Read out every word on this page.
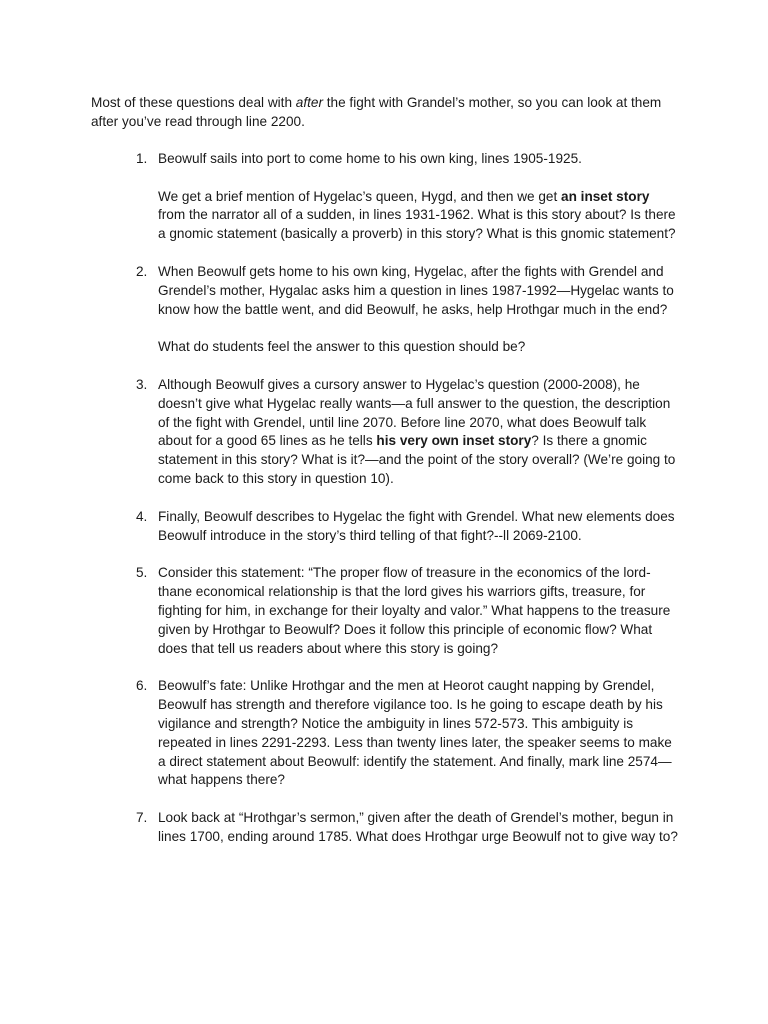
Most of these questions deal with after the fight with Grandel’s mother, so you can look at them after you’ve read through line 2200.

1. Beowulf sails into port to come home to his own king, lines 1905-1925.

We get a brief mention of Hygelac’s queen, Hygd, and then we get an inset story from the narrator all of a sudden, in lines 1931-1962. What is this story about? Is there a gnomic statement (basically a proverb) in this story? What is this gnomic statement?

2. When Beowulf gets home to his own king, Hygelac, after the fights with Grendel and Grendel’s mother, Hygalac asks him a question in lines 1987-1992—Hygelac wants to know how the battle went, and did Beowulf, he asks, help Hrothgar much in the end?

What do students feel the answer to this question should be?

3. Although Beowulf gives a cursory answer to Hygelac’s question (2000-2008), he doesn’t give what Hygelac really wants—a full answer to the question, the description of the fight with Grendel, until line 2070. Before line 2070, what does Beowulf talk about for a good 65 lines as he tells his very own inset story? Is there a gnomic statement in this story? What is it?—and the point of the story overall? (We’re going to come back to this story in question 10).

4. Finally, Beowulf describes to Hygelac the fight with Grendel. What new elements does Beowulf introduce in the story’s third telling of that fight?--ll 2069-2100.

5. Consider this statement: “The proper flow of treasure in the economics of the lord-thane economical relationship is that the lord gives his warriors gifts, treasure, for fighting for him, in exchange for their loyalty and valor.” What happens to the treasure given by Hrothgar to Beowulf? Does it follow this principle of economic flow? What does that tell us readers about where this story is going?

6. Beowulf’s fate: Unlike Hrothgar and the men at Heorot caught napping by Grendel, Beowulf has strength and therefore vigilance too. Is he going to escape death by his vigilance and strength? Notice the ambiguity in lines 572-573. This ambiguity is repeated in lines 2291-2293. Less than twenty lines later, the speaker seems to make a direct statement about Beowulf: identify the statement. And finally, mark line 2574—what happens there?

7. Look back at “Hrothgar’s sermon,” given after the death of Grendel’s mother, begun in lines 1700, ending around 1785. What does Hrothgar urge Beowulf not to give way to?
